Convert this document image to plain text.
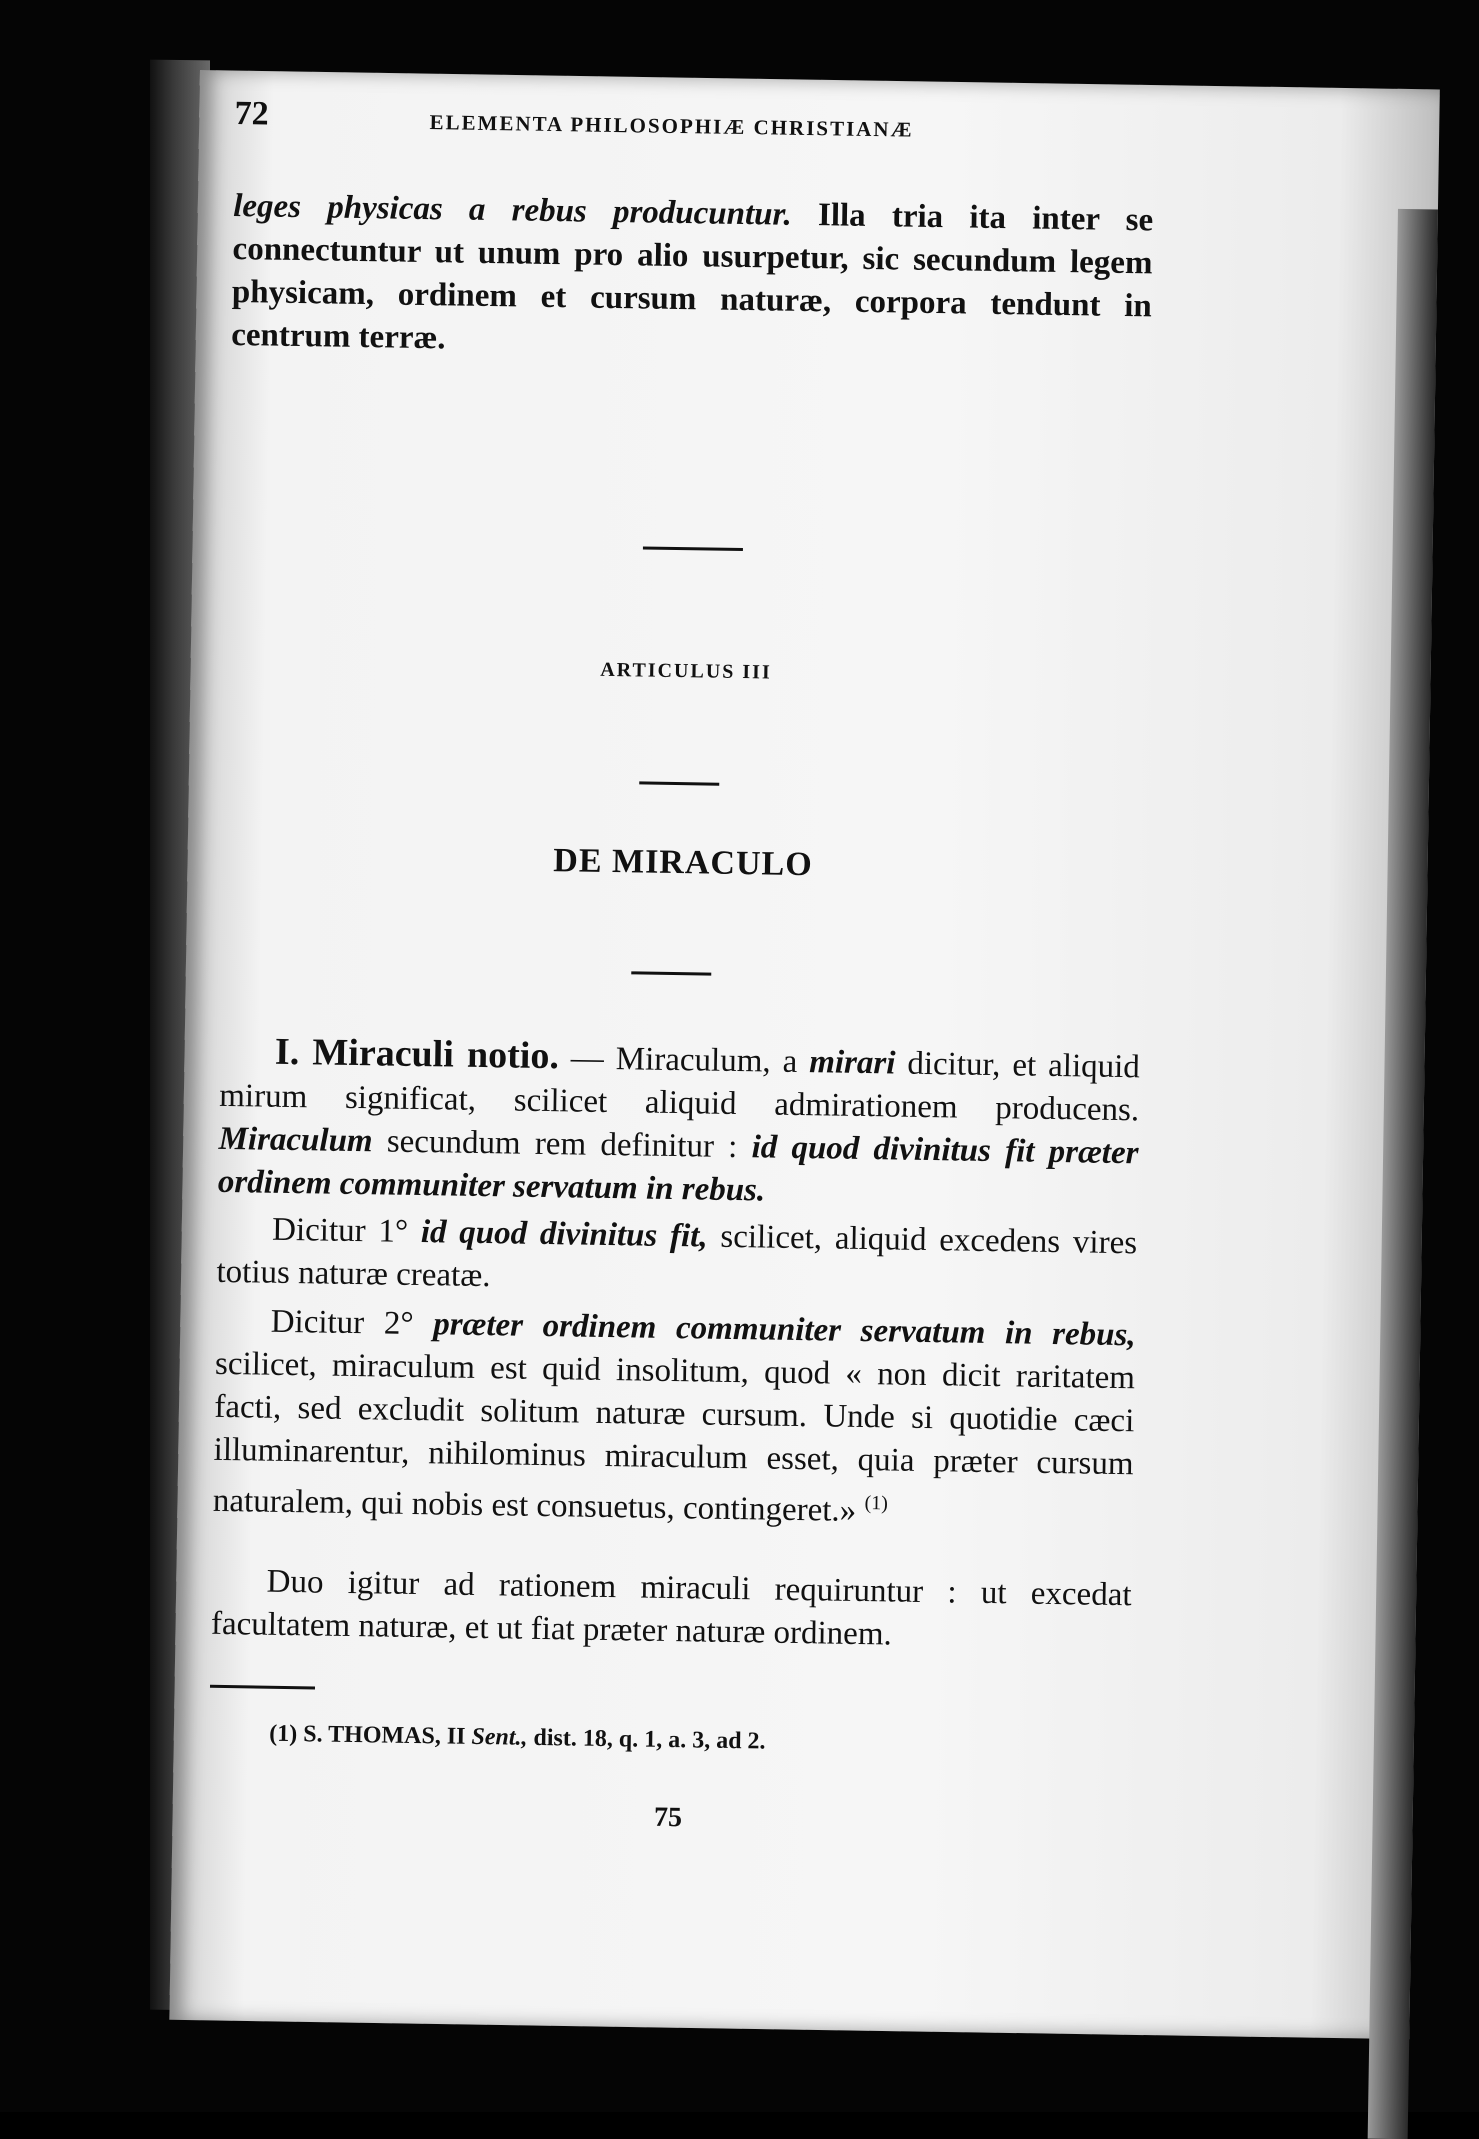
72	ELEMENTA PHILOSOPHIÆ CHRISTIANÆ
leges physicas a rebus producuntur. Illa tria ita inter se connectuntur ut unum pro alio usurpetur, sic secundum legem physicam, ordinem et cursum naturæ, corpora tendunt in centrum terræ.
ARTICULUS III
DE MIRACULO
I. Miraculi notio. — Miraculum, a mirari dicitur, et aliquid mirum significat, scilicet aliquid admirationem producens. Miraculum secundum rem definitur : id quod divinitus fit præter ordinem communiter servatum in rebus.
Dicitur 1° id quod divinitus fit, scilicet, aliquid excedens vires totius naturæ creatæ.
Dicitur 2° præter ordinem communiter servatum in rebus, scilicet, miraculum est quid insolitum, quod « non dicit raritatem facti, sed excludit solitum naturæ cursum. Unde si quotidie cæci illuminarentur, nihilominus miraculum esset, quia præter cursum naturalem, qui nobis est consuetus, contingeret.» $^{(1)}$
Duo igitur ad rationem miraculi requiruntur : ut excedat facultatem naturæ, et ut fiat præter naturæ ordinem.
(1) S. THOMAS, II Sent., dist. 18, q. 1, a. 3, ad 2.
75
